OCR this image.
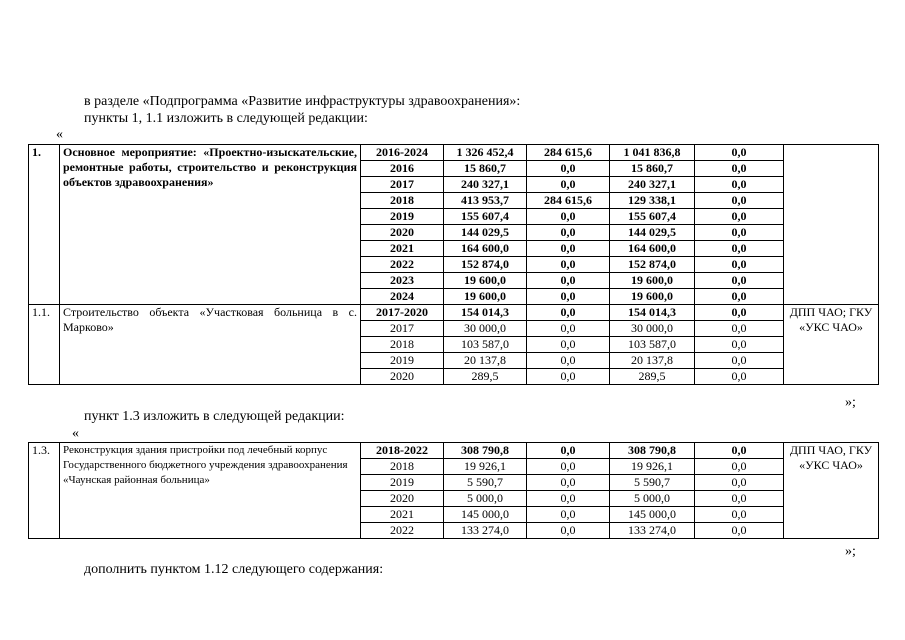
в разделе «Подпрограмма «Развитие инфраструктуры здравоохранения»:
пункты 1, 1.1 изложить в следующей редакции:
«
1.	Основное мероприятие: «Проектно-изыскательские, ремонтные работы, строительство и реконструкция объектов здравоохранения»	2016-2024	1 326 452,4	284 615,6	1 041 836,8	0,0	
		2016	15 860,7	0,0	15 860,7	0,0	
		2017	240 327,1	0,0	240 327,1	0,0	
		2018	413 953,7	284 615,6	129 338,1	0,0	
		2019	155 607,4	0,0	155 607,4	0,0	
		2020	144 029,5	0,0	144 029,5	0,0	
		2021	164 600,0	0,0	164 600,0	0,0	
		2022	152 874,0	0,0	152 874,0	0,0	
		2023	19 600,0	0,0	19 600,0	0,0	
		2024	19 600,0	0,0	19 600,0	0,0	
1.1.	Строительство объекта «Участковая больница в с. Марково»	2017-2020	154 014,3	0,0	154 014,3	0,0	ДПП ЧАО; ГКУ «УКС ЧАО»
		2017	30 000,0	0,0	30 000,0	0,0	
		2018	103 587,0	0,0	103 587,0	0,0	
		2019	20 137,8	0,0	20 137,8	0,0	
		2020	289,5	0,0	289,5	0,0	
»;
пункт 1.3 изложить в следующей редакции:
«
1.3.	Реконструкция здания пристройки под лечебный корпус Государственного бюджетного учреждения здравоохранения «Чаунская районная больница»	2018-2022	308 790,8	0,0	308 790,8	0,0	ДПП ЧАО, ГКУ «УКС ЧАО»
		2018	19 926,1	0,0	19 926,1	0,0	
		2019	5 590,7	0,0	5 590,7	0,0	
		2020	5 000,0	0,0	5 000,0	0,0	
		2021	145 000,0	0,0	145 000,0	0,0	
		2022	133 274,0	0,0	133 274,0	0,0	
»;
дополнить пунктом 1.12 следующего содержания:
